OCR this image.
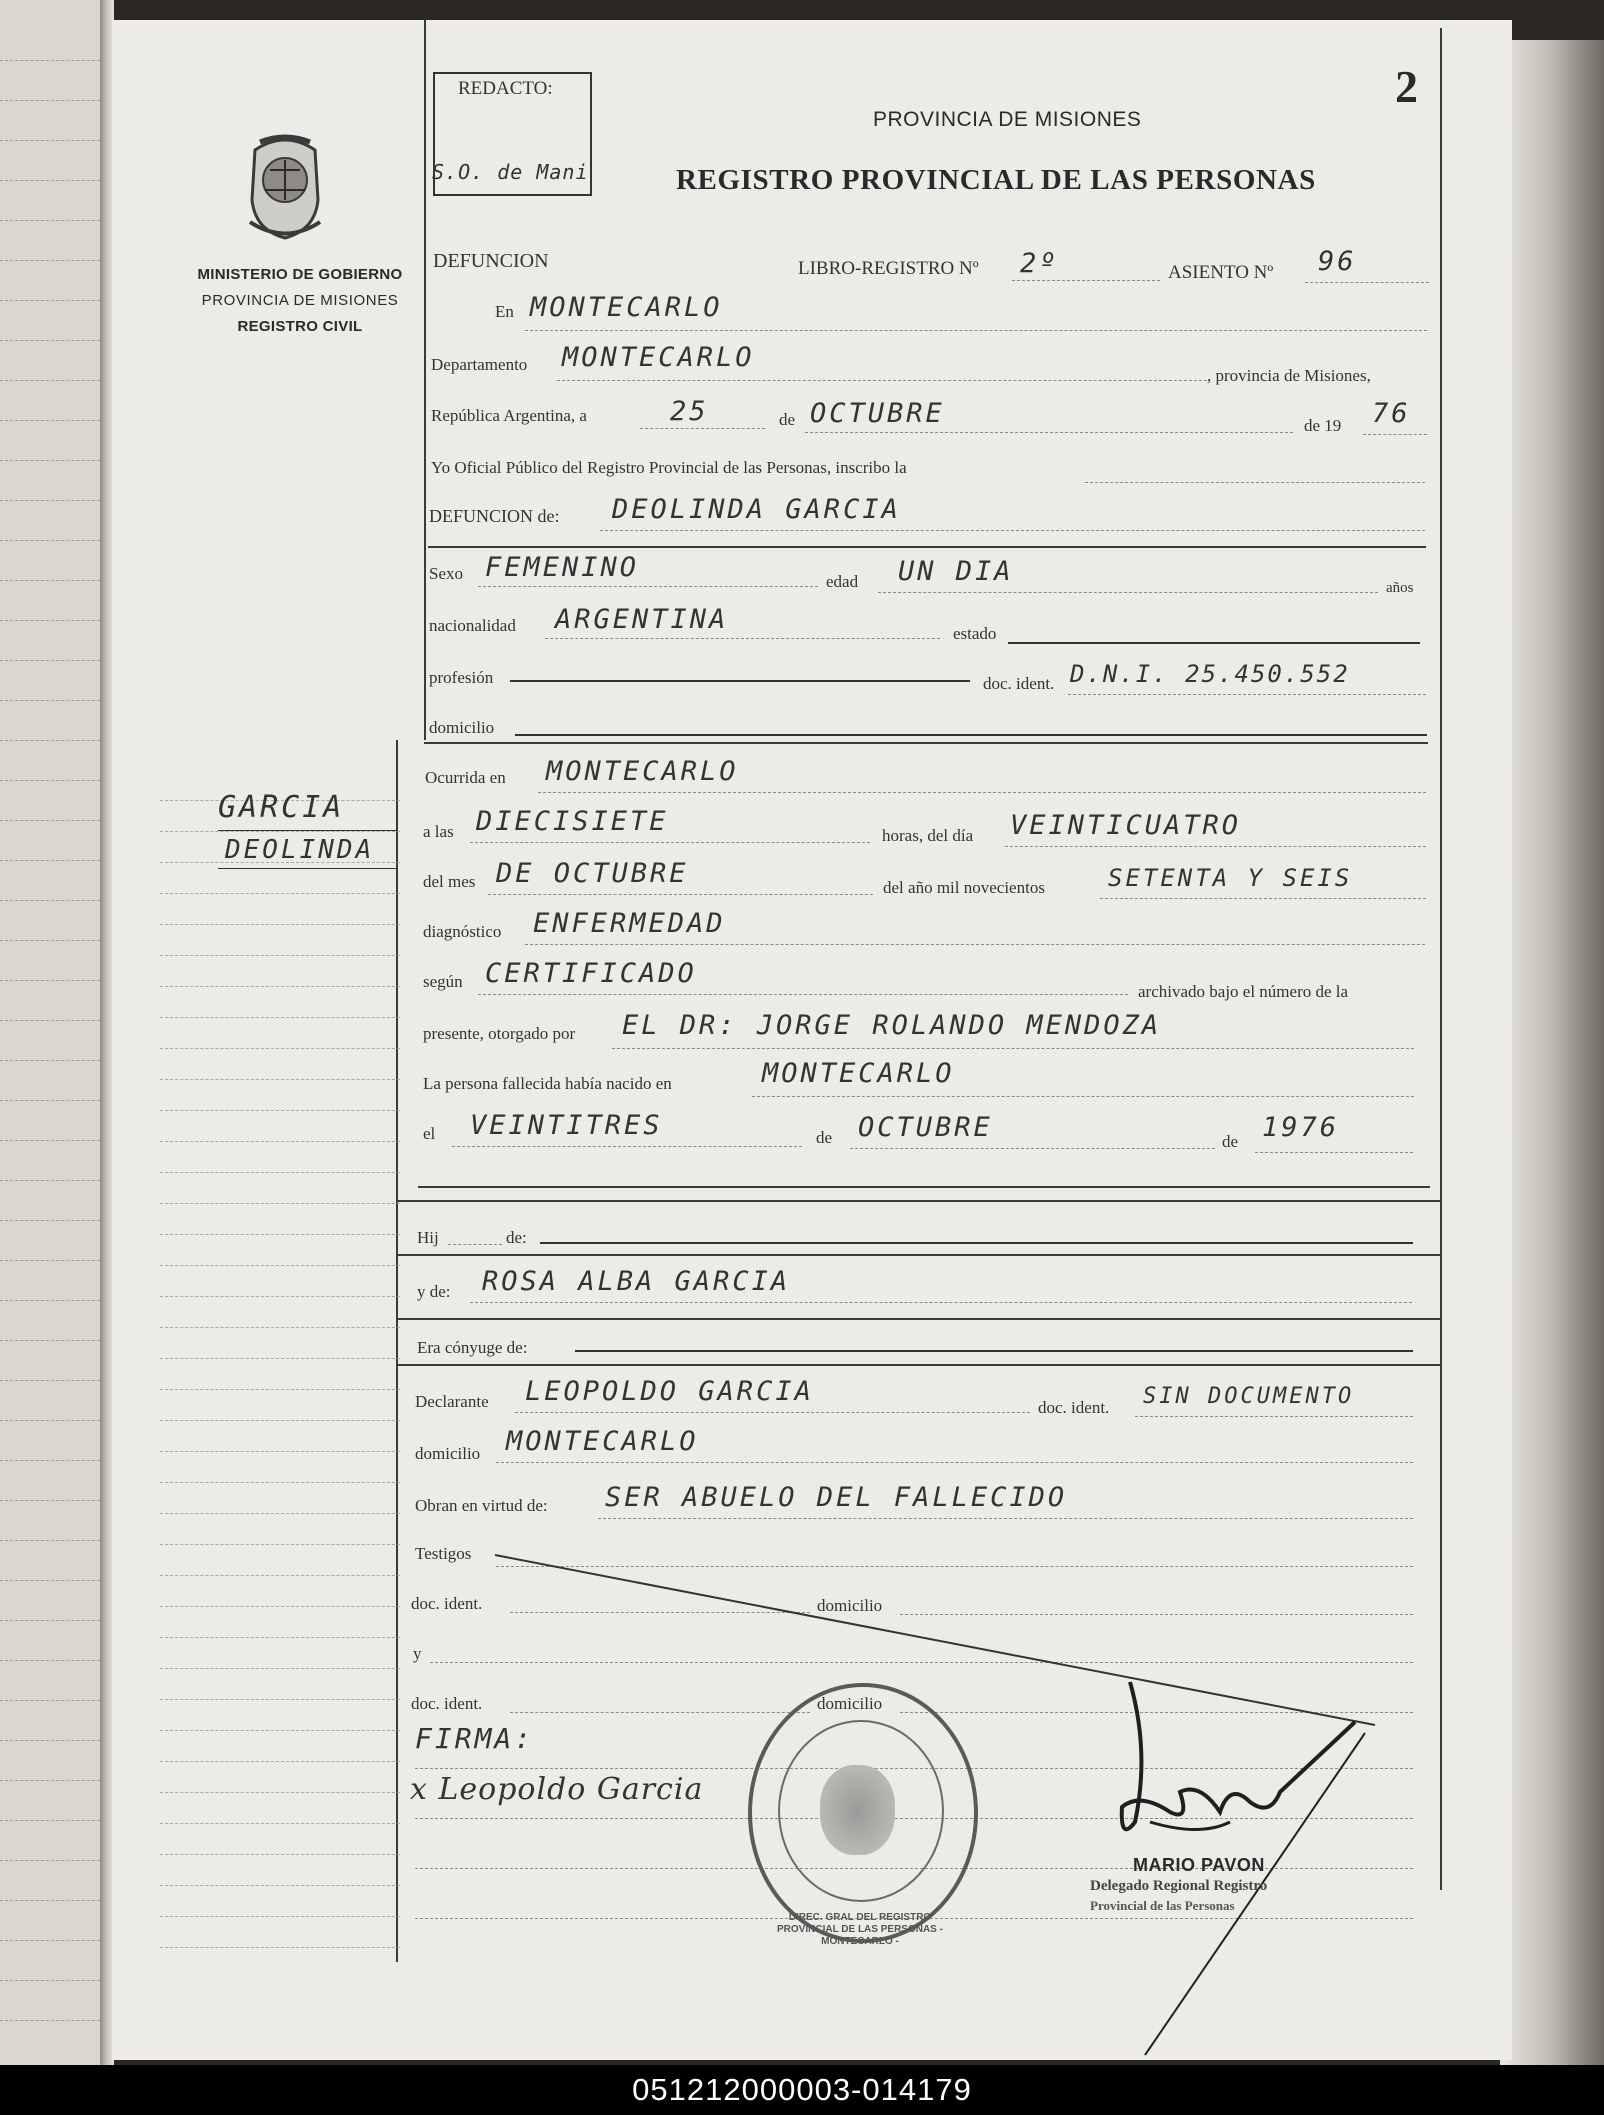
2
MINISTERIO DE GOBIERNO
PROVINCIA DE MISIONES
REGISTRO CIVIL
GARCIA
DEOLINDA
REDACTO:
S.O. de Mani
PROVINCIA DE MISIONES
REGISTRO PROVINCIAL DE LAS PERSONAS
DEFUNCION	LIBRO-REGISTRO Nº 2º	ASIENTO Nº 96
En MONTECARLO
Departamento MONTECARLO
, provincia de Misiones,
República Argentina, a	25	de OCTUBRE	de 19 76
Yo Oficial Público del Registro Provincial de las Personas, inscribo la
DEFUNCION de: DEOLINDA GARCIA
Sexo FEMENINO	edad UN DIA
años
nacionalidad ARGENTINA	estado
profesión	doc. ident. D.N.I. 25.450.552
domicilio
Ocurrida en MONTECARLO
a las DIECISIETE	horas, del día VEINTICUATRO
del mes DE OCTUBRE	del año mil novecientos	SETENTA Y SEIS
diagnóstico ENFERMEDAD
según CERTIFICADO
archivado bajo el número de la
presente, otorgado por EL DR: JORGE ROLANDO MENDOZA
La persona fallecida había nacido en	MONTECARLO
el VEINTITRES	de OCTUBRE	de 1976
Hij	de:
y de: ROSA ALBA GARCIA
Era cónyuge de:
Declarante LEOPOLDO GARCIA
doc. ident. SIN DOCUMENTO
domicilio MONTECARLO
Obran en virtud de: SER ABUELO DEL FALLECIDO
Testigos
doc. ident.	domicilio
y
doc. ident.	domicilio
FIRMA:
x Leopoldo Garcia
DIREC. GRAL DEL REGISTRO PROVINCIAL DE LAS PERSONAS - MONTECARLO -
MARIO PAVON
Delegado Regional Registro
Provincial de las Personas
051212000003-014179
